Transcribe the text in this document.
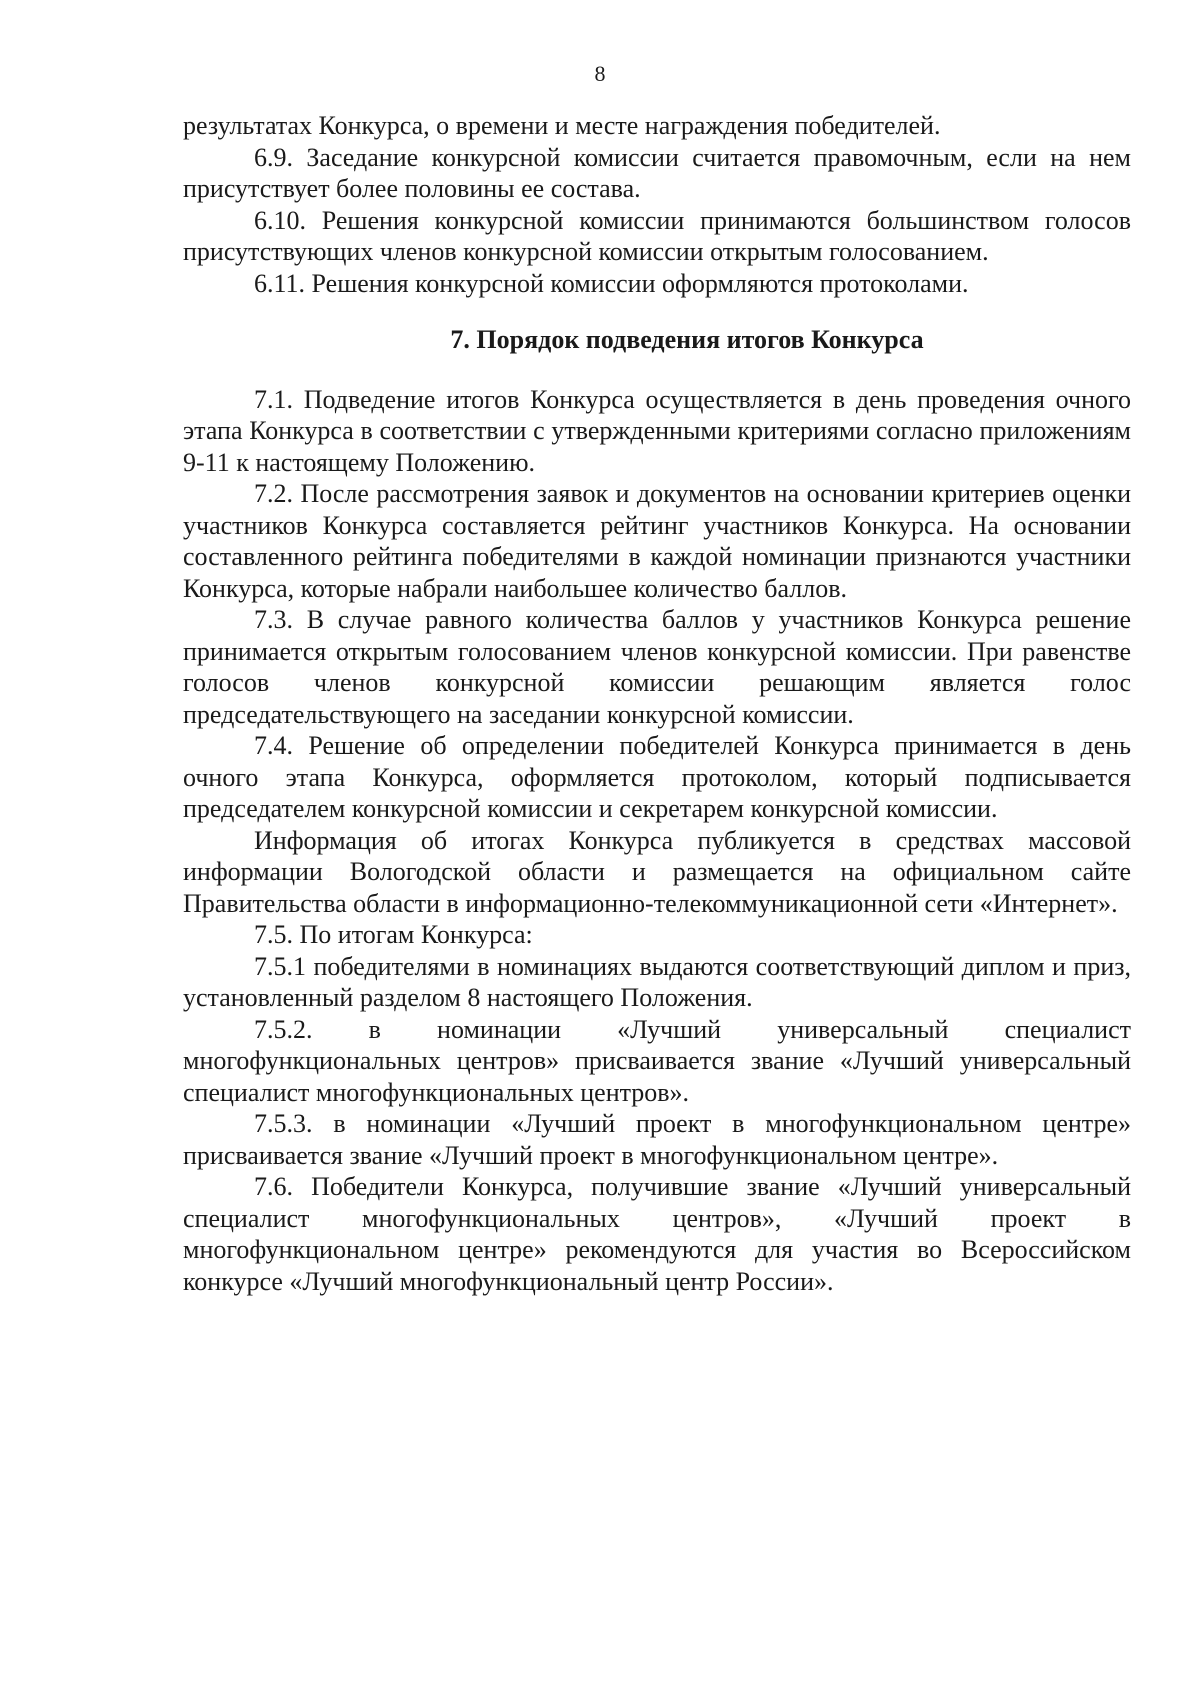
8

результатах Конкурса, о времени и месте награждения победителей.

6.9. Заседание конкурсной комиссии считается правомочным, если на нем присутствует более половины ее состава.

6.10. Решения конкурсной комиссии принимаются большинством голосов присутствующих членов конкурсной комиссии открытым голосованием.

6.11. Решения конкурсной комиссии оформляются протоколами.

7. Порядок подведения итогов Конкурса

7.1. Подведение итогов Конкурса осуществляется в день проведения очного этапа Конкурса в соответствии с утвержденными критериями согласно приложениям 9-11 к настоящему Положению.

7.2. После рассмотрения заявок и документов на основании критериев оценки участников Конкурса составляется рейтинг участников Конкурса. На основании составленного рейтинга победителями в каждой номинации признаются участники Конкурса, которые набрали наибольшее количество баллов.

7.3. В случае равного количества баллов у участников Конкурса решение принимается открытым голосованием членов конкурсной комиссии. При равенстве голосов членов конкурсной комиссии решающим является голос председательствующего на заседании конкурсной комиссии.

7.4. Решение об определении победителей Конкурса принимается в день очного этапа Конкурса, оформляется протоколом, который подписывается председателем конкурсной комиссии и секретарем конкурсной комиссии.

Информация об итогах Конкурса публикуется в средствах массовой информации Вологодской области и размещается на официальном сайте Правительства области в информационно-телекоммуникационной сети «Интернет».

7.5. По итогам Конкурса:

7.5.1 победителями в номинациях выдаются соответствующий диплом и приз, установленный разделом 8 настоящего Положения.

7.5.2. в номинации «Лучший универсальный специалист многофункциональных центров» присваивается звание «Лучший универсальный специалист многофункциональных центров».

7.5.3. в номинации «Лучший проект в многофункциональном центре» присваивается звание «Лучший проект в многофункциональном центре».

7.6. Победители Конкурса, получившие звание «Лучший универсальный специалист многофункциональных центров», «Лучший проект в многофункциональном центре» рекомендуются для участия во Всероссийском конкурсе «Лучший многофункциональный центр России».
